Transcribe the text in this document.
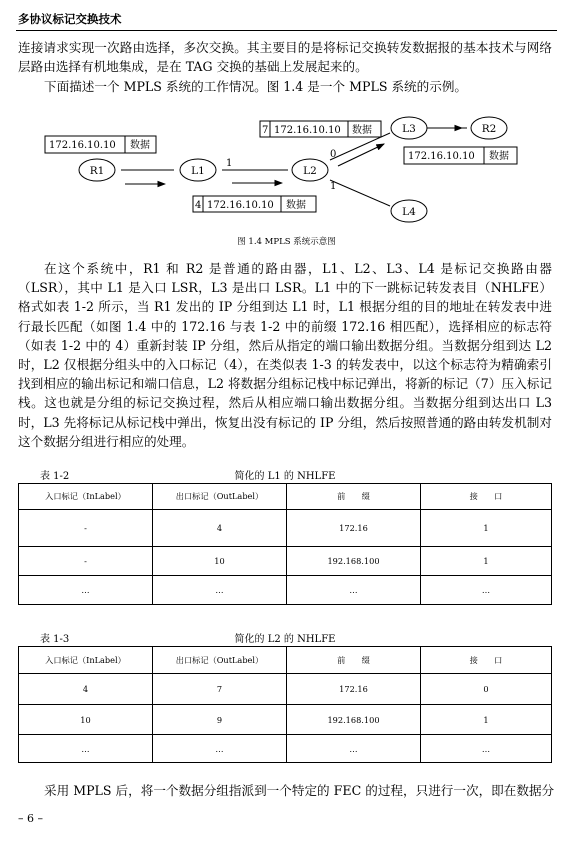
多协议标记交换技术

连接请求实现一次路由选择，多次交换。其主要目的是将标记交换转发数据报的基本技术与网络层路由选择有机地集成，是在 TAG 交换的基础上发展起来的。

下面描述一个 MPLS 系统的工作情况。图 1.4 是一个 MPLS 系统的示例。

R1	L1	L2
L3
L4
R2
1
0
1
172.16.10.10 数据
4 172.16.10.10 数据
7 172.16.10.10 数据
172.16.10.10 数据
图 1.4 MPLS 系统示意图

在这个系统中，R1 和 R2 是普通的路由器，L1、L2、L3、L4 是标记交换路由器（LSR），其中 L1 是入口 LSR，L3 是出口 LSR。L1 中的下一跳标记转发表目（NHLFE）格式如表 1-2 所示，当 R1 发出的 IP 分组到达 L1 时，L1 根据分组的目的地址在转发表中进行最长匹配（如图 1.4 中的 172.16 与表 1-2 中的前缀 172.16 相匹配），选择相应的标志符（如表 1-2 中的 4）重新封装 IP 分组，然后从指定的端口输出数据分组。当数据分组到达 L2 时，L2 仅根据分组头中的入口标记（4），在类似表 1-3 的转发表中，以这个标志符为精确索引找到相应的输出标记和端口信息，L2 将数据分组标记栈中标记弹出，将新的标记（7）压入标记栈。这也就是分组的标记交换过程，然后从相应端口输出数据分组。当数据分组到达出口 L3 时，L3 先将标记从标记栈中弹出，恢复出没有标记的 IP 分组，然后按照普通的路由转发机制对这个数据分组进行相应的处理。

表 1-2	简化的 L1 的 NHLFE
入口标记（InLabel）	出口标记（OutLabel）	前　　缀	接　　口
-	4	172.16	1
-	10	192.168.100	1
…	…	…	…
表 1-3	简化的 L2 的 NHLFE
入口标记（InLabel）	出口标记（OutLabel）	前　　缀	接　　口
4	7	172.16	0
10	9	192.168.100	1
…	…	…	…

采用 MPLS 后，将一个数据分组指派到一个特定的 FEC 的过程，只进行一次，即在数据分

– 6 –
